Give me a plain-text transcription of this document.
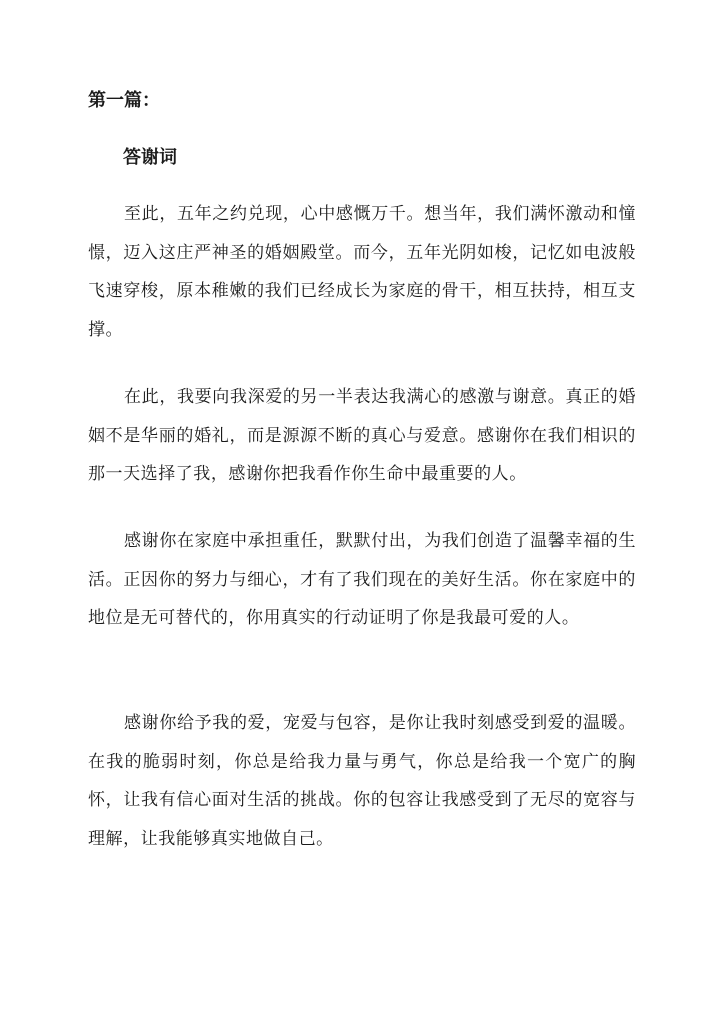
第一篇：
答谢词

至此，五年之约兑现，心中感慨万千。想当年，我们满怀激动和憧憬，迈入这庄严神圣的婚姻殿堂。而今，五年光阴如梭，记忆如电波般飞速穿梭，原本稚嫩的我们已经成长为家庭的骨干，相互扶持，相互支撑。

在此，我要向我深爱的另一半表达我满心的感激与谢意。真正的婚姻不是华丽的婚礼，而是源源不断的真心与爱意。感谢你在我们相识的那一天选择了我，感谢你把我看作你生命中最重要的人。

感谢你在家庭中承担重任，默默付出，为我们创造了温馨幸福的生活。正因你的努力与细心，才有了我们现在的美好生活。你在家庭中的地位是无可替代的，你用真实的行动证明了你是我最可爱的人。

感谢你给予我的爱，宠爱与包容，是你让我时刻感受到爱的温暖。在我的脆弱时刻，你总是给我力量与勇气，你总是给我一个宽广的胸怀，让我有信心面对生活的挑战。你的包容让我感受到了无尽的宽容与理解，让我能够真实地做自己。
